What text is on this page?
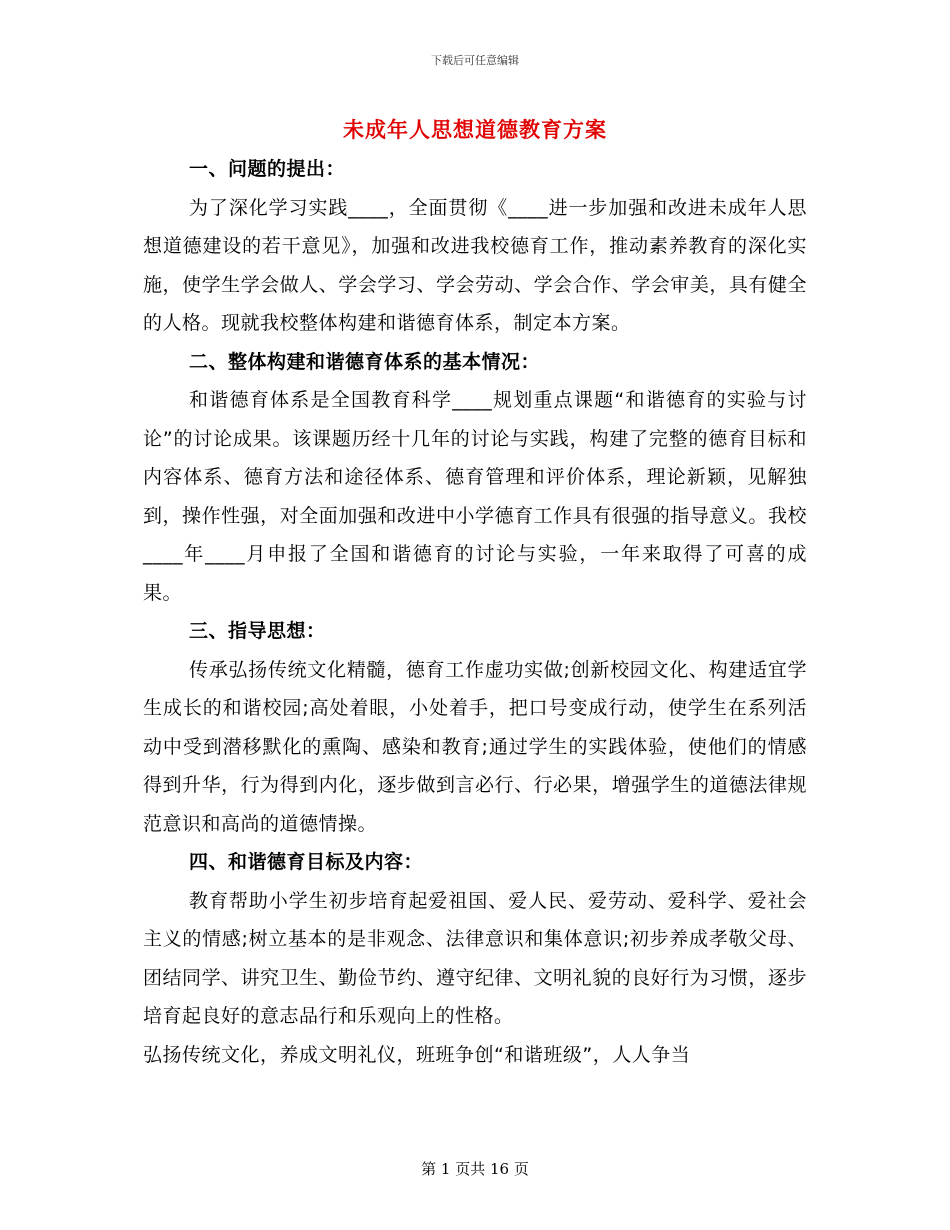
下载后可任意编辑
未成年人思想道德教育方案

一、问题的提出：

为了深化学习实践____，全面贯彻《____进一步加强和改进未成年人思想道德建设的若干意见》，加强和改进我校德育工作，推动素养教育的深化实施，使学生学会做人、学会学习、学会劳动、学会合作、学会审美，具有健全的人格。现就我校整体构建和谐德育体系，制定本方案。

二、整体构建和谐德育体系的基本情况：

和谐德育体系是全国教育科学____规划重点课题“和谐德育的实验与讨论”的讨论成果。该课题历经十几年的讨论与实践，构建了完整的德育目标和内容体系、德育方法和途径体系、德育管理和评价体系，理论新颖，见解独到，操作性强，对全面加强和改进中小学德育工作具有很强的指导意义。我校____年____月申报了全国和谐德育的讨论与实验，一年来取得了可喜的成果。

三、指导思想：

传承弘扬传统文化精髓，德育工作虚功实做;创新校园文化、构建适宜学生成长的和谐校园;高处着眼，小处着手，把口号变成行动，使学生在系列活动中受到潜移默化的熏陶、感染和教育;通过学生的实践体验，使他们的情感得到升华，行为得到内化，逐步做到言必行、行必果，增强学生的道德法律规范意识和高尚的道德情操。

四、和谐德育目标及内容：

教育帮助小学生初步培育起爱祖国、爱人民、爱劳动、爱科学、爱社会主义的情感;树立基本的是非观念、法律意识和集体意识;初步养成孝敬父母、团结同学、讲究卫生、勤俭节约、遵守纪律、文明礼貌的良好行为习惯，逐步培育起良好的意志品行和乐观向上的性格。

弘扬传统文化，养成文明礼仪，班班争创“和谐班级”，人人争当

第 1 页共 16 页
